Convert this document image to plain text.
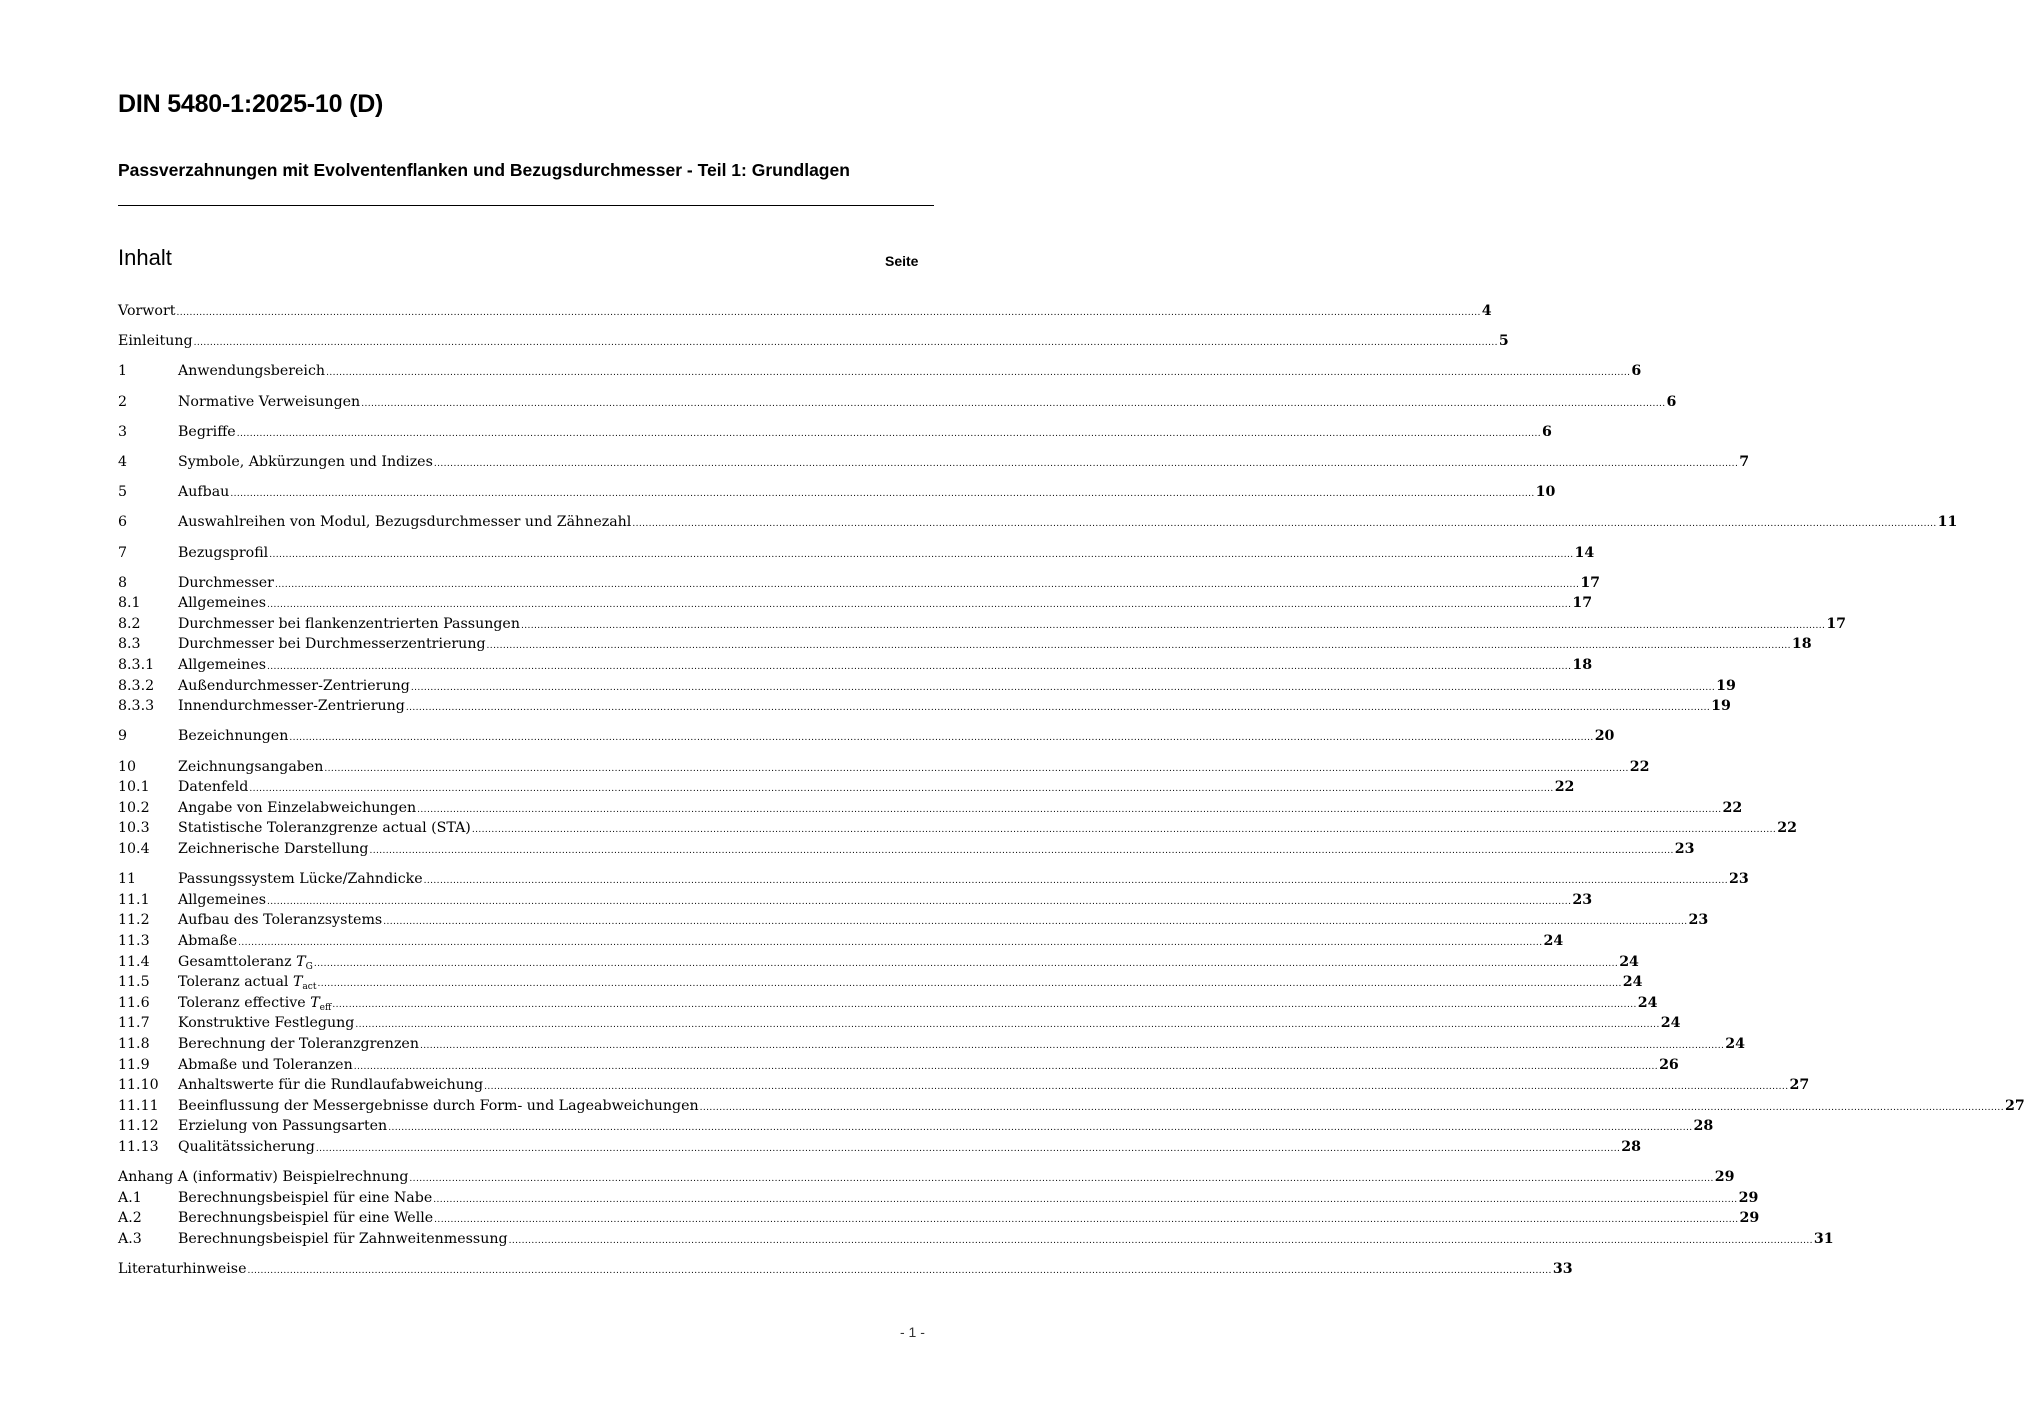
DIN 5480-1:2025-10 (D)
Passverzahnungen mit Evolventenflanken und Bezugsdurchmesser - Teil 1: Grundlagen
Inhalt	Seite
Vorwort ................................................................................................................................................................................................................................................................................................................................................................................................................ 4
Einleitung ................................................................................................................................................................................................................................................................................................................................................................................................................ 5
1	Anwendungsbereich ................................................................................................................................................................................................................................................................................................................................................................................................................ 6
2	Normative Verweisungen ................................................................................................................................................................................................................................................................................................................................................................................................................ 6
3	Begriffe ................................................................................................................................................................................................................................................................................................................................................................................................................ 6
4	Symbole, Abkürzungen und Indizes ................................................................................................................................................................................................................................................................................................................................................................................................................ 7
5	Aufbau ................................................................................................................................................................................................................................................................................................................................................................................................................ 10
6	Auswahlreihen von Modul, Bezugsdurchmesser und Zähnezahl ................................................................................................................................................................................................................................................................................................................................................................................................................ 11
7	Bezugsprofil ................................................................................................................................................................................................................................................................................................................................................................................................................ 14
8	Durchmesser ................................................................................................................................................................................................................................................................................................................................................................................................................ 17
8.1	Allgemeines ................................................................................................................................................................................................................................................................................................................................................................................................................ 17
8.2	Durchmesser bei flankenzentrierten Passungen ................................................................................................................................................................................................................................................................................................................................................................................................................ 17
8.3	Durchmesser bei Durchmesserzentrierung ................................................................................................................................................................................................................................................................................................................................................................................................................ 18
8.3.1	Allgemeines ................................................................................................................................................................................................................................................................................................................................................................................................................ 18
8.3.2	Außendurchmesser-Zentrierung ................................................................................................................................................................................................................................................................................................................................................................................................................ 19
8.3.3	Innendurchmesser-Zentrierung ................................................................................................................................................................................................................................................................................................................................................................................................................ 19
9	Bezeichnungen ................................................................................................................................................................................................................................................................................................................................................................................................................ 20
10	Zeichnungsangaben ................................................................................................................................................................................................................................................................................................................................................................................................................ 22
10.1	Datenfeld ................................................................................................................................................................................................................................................................................................................................................................................................................ 22
10.2	Angabe von Einzelabweichungen ................................................................................................................................................................................................................................................................................................................................................................................................................ 22
10.3	Statistische Toleranzgrenze actual (STA) ................................................................................................................................................................................................................................................................................................................................................................................................................ 22
10.4	Zeichnerische Darstellung ................................................................................................................................................................................................................................................................................................................................................................................................................ 23
11	Passungssystem Lücke/Zahndicke ................................................................................................................................................................................................................................................................................................................................................................................................................ 23
11.1	Allgemeines ................................................................................................................................................................................................................................................................................................................................................................................................................ 23
11.2	Aufbau des Toleranzsystems ................................................................................................................................................................................................................................................................................................................................................................................................................ 23
11.3	Abmaße ................................................................................................................................................................................................................................................................................................................................................................................................................ 24
11.4	Gesamttoleranz $T_G$ ................................................................................................................................................................................................................................................................................................................................................................................................................ 24
11.5	Toleranz actual $T_{act}$ ................................................................................................................................................................................................................................................................................................................................................................................................................ 24
11.6	Toleranz effective $T_{eff}$ ................................................................................................................................................................................................................................................................................................................................................................................................................ 24
11.7	Konstruktive Festlegung ................................................................................................................................................................................................................................................................................................................................................................................................................ 24
11.8	Berechnung der Toleranzgrenzen ................................................................................................................................................................................................................................................................................................................................................................................................................ 24
11.9	Abmaße und Toleranzen ................................................................................................................................................................................................................................................................................................................................................................................................................ 26
11.10	Anhaltswerte für die Rundlaufabweichung ................................................................................................................................................................................................................................................................................................................................................................................................................ 27
11.11	Beeinflussung der Messergebnisse durch Form- und Lageabweichungen ................................................................................................................................................................................................................................................................................................................................................................................................................ 27
11.12	Erzielung von Passungsarten ................................................................................................................................................................................................................................................................................................................................................................................................................ 28
11.13	Qualitätssicherung ................................................................................................................................................................................................................................................................................................................................................................................................................ 28
Anhang A (informativ) Beispielrechnung ................................................................................................................................................................................................................................................................................................................................................................................................................ 29
A.1	Berechnungsbeispiel für eine Nabe ................................................................................................................................................................................................................................................................................................................................................................................................................ 29
A.2	Berechnungsbeispiel für eine Welle ................................................................................................................................................................................................................................................................................................................................................................................................................ 29
A.3	Berechnungsbeispiel für Zahnweitenmessung ................................................................................................................................................................................................................................................................................................................................................................................................................ 31
Literaturhinweise ................................................................................................................................................................................................................................................................................................................................................................................................................ 33
- 1 -
